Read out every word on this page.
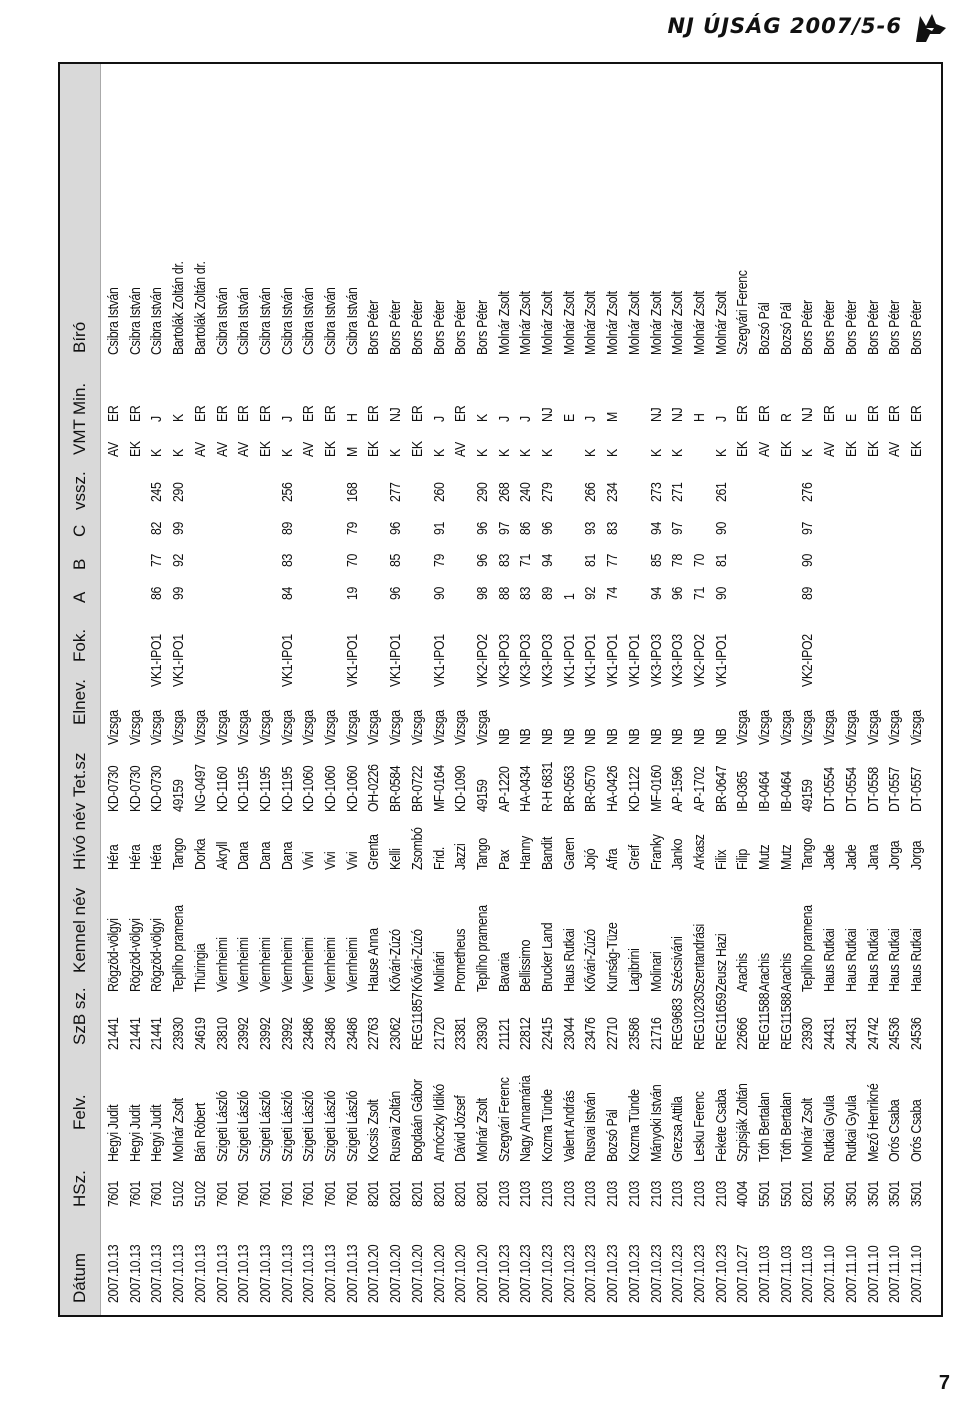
NJ ÚJSÁG 2007/5-6
Dátum
HSz.
Felv.
SzB sz.
Kennel név
Hívó név
Tet.sz
Elnev.
Fok.
A
B
C
vssz.
VMT
Min.
Bíró
2007.10.13
7601
Hegyi Judit
21441
Rögzöd-völgyi
Héra
KD-0730
Vizsga
AV
ER
Csibra István
2007.10.13
7601
Hegyi Judit
21441
Rögzöd-völgyi
Héra
KD-0730
Vizsga
EK
ER
Csibra István
2007.10.13
7601
Hegyi Judit
21441
Rögzöd-völgyi
Héra
KD-0730
Vizsga
VK1-IPO1
86
77
82
245
K
J
Csibra István
2007.10.13
5102
Molnár Zsolt
23930
Teplího pramena
Tango
49159
Vizsga
VK1-IPO1
99
92
99
290
K
K
Bartolák Zoltán dr.
2007.10.13
5102
Bán Róbert
24619
Thüringia
Dorka
NG-0497
Vizsga
AV
ER
Bartolák Zoltán dr.
2007.10.13
7601
Szigeti László
23810
Viernheimi
Akryll
KD-1160
Vizsga
AV
ER
Csibra István
2007.10.13
7601
Szigeti László
23992
Viernheimi
Dana
KD-1195
Vizsga
AV
ER
Csibra István
2007.10.13
7601
Szigeti László
23992
Viernheimi
Dana
KD-1195
Vizsga
EK
ER
Csibra István
2007.10.13
7601
Szigeti László
23992
Viernheimi
Dana
KD-1195
Vizsga
VK1-IPO1
84
83
89
256
K
J
Csibra István
2007.10.13
7601
Szigeti László
23486
Viernheimi
Vivi
KD-1060
Vizsga
AV
ER
Csibra István
2007.10.13
7601
Szigeti László
23486
Viernheimi
Vivi
KD-1060
Vizsga
EK
ER
Csibra István
2007.10.13
7601
Szigeti László
23486
Viernheimi
Vivi
KD-1060
Vizsga
VK1-IPO1
19
70
79
168
M
H
Csibra István
2007.10.20
8201
Kocsis Zsolt
22763
Hause Anna
Grenta
OH-0226
Vizsga
EK
ER
Bors Péter
2007.10.20
8201
Rusvai Zoltán
23062
Kővári-Zúzó
Kelli
BR-0584
Vizsga
VK1-IPO1
96
85
96
277
K
NJ
Bors Péter
2007.10.20
8201
Bogdaán Gábor
REG11857
Kővári-Zúzó
Zsombó
BR-0722
Vizsga
EK
ER
Bors Péter
2007.10.20
8201
Arnóczky Ildikó
21720
Molinári
Frid.
MF-0164
Vizsga
VK1-IPO1
90
79
91
260
K
J
Bors Péter
2007.10.20
8201
Dávid József
23381
Prometheus
Jazzi
KD-1090
Vizsga
AV
ER
Bors Péter
2007.10.20
8201
Molnár Zsolt
23930
Teplího pramena
Tango
49159
Vizsga
VK2-IPO2
98
96
96
290
K
K
Bors Péter
2007.10.23
2103
Szegvári Ferenc
21121
Bavaria
Pax
AP-1220
NB
VK3-IPO3
88
83
97
268
K
J
Molnár Zsolt
2007.10.23
2103
Nagy Annamária
22812
Bellissimo
Hanny
HA-0434
NB
VK3-IPO3
83
71
86
240
K
J
Molnár Zsolt
2007.10.23
2103
Kozma Tünde
22415
Brucker Land
Bandit
R-H 6831
NB
VK3-IPO3
89
94
96
279
K
NJ
Molnár Zsolt
2007.10.23
2103
Valent András
23044
Haus Rutkai
Garen
BR-0563
NB
VK1-IPO1
1
E
Molnár Zsolt
2007.10.23
2103
Rusvai István
23476
Kővári-Zúzó
Jojó
BR-0570
NB
VK1-IPO1
92
81
93
266
K
J
Molnár Zsolt
2007.10.23
2103
Bozsó Pál
22710
Kunság-Tüze
Afra
HA-0426
NB
VK1-IPO1
74
77
83
234
K
M
Molnár Zsolt
2007.10.23
2103
Kozma Tünde
23586
Lagibrini
Greif
KD-1122
NB
VK1-IPO1
Molnár Zsolt
2007.10.23
2103
Mányoki István
21716
Molinari
Franky
MF-0160
NB
VK3-IPO3
94
85
94
273
K
NJ
Molnár Zsolt
2007.10.23
2103
Grezsa Attila
REG9683
Szécsiváni
Janko
AP-1596
NB
VK3-IPO3
96
78
97
271
K
NJ
Molnár Zsolt
2007.10.23
2103
Lesku Ferenc
REG10230
Szentandrási
Arkasz
AP-1702
NB
VK2-IPO2
71
70
H
Molnár Zsolt
2007.10.23
2103
Fekete Csaba
REG11659
Zeusz Hazi
Filix
BR-0647
NB
VK1-IPO1
90
81
90
261
K
J
Molnár Zsolt
2007.10.27
4004
Szpisják Zoltán
22666
Arachis
Filip
IB-0365
Vizsga
EK
ER
Szegvári Ferenc
2007.11.03
5501
Tóth Bertalan
REG11588
Arachis
Mutz
IB-0464
Vizsga
AV
ER
Bozsó Pál
2007.11.03
5501
Tóth Bertalan
REG11588
Arachis
Mutz
IB-0464
Vizsga
EK
R
Bozsó Pál
2007.11.03
8201
Molnár Zsolt
23930
Teplího pramena
Tango
49159
Vizsga
VK2-IPO2
89
90
97
276
K
NJ
Bors Péter
2007.11.10
3501
Rutkai Gyula
24431
Haus Rutkai
Jade
DT-0554
Vizsga
AV
ER
Bors Péter
2007.11.10
3501
Rutkai Gyula
24431
Haus Rutkai
Jade
DT-0554
Vizsga
EK
E
Bors Péter
2007.11.10
3501
Mező Henrikné
24742
Haus Rutkai
Jana
DT-0558
Vizsga
EK
ER
Bors Péter
2007.11.10
3501
Orós Csaba
24536
Haus Rutkai
Jorga
DT-0557
Vizsga
AV
ER
Bors Péter
2007.11.10
3501
Orós Csaba
24536
Haus Rutkai
Jorga
DT-0557
Vizsga
EK
ER
Bors Péter
7
